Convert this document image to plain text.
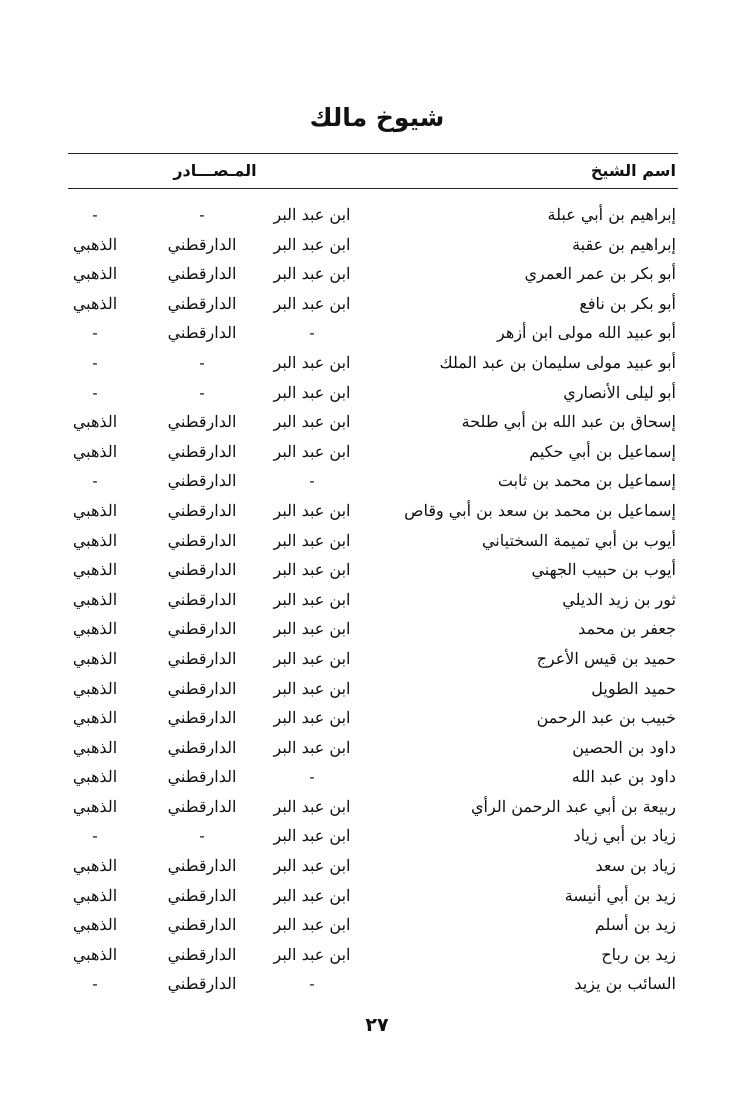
شيوخ مالك
اسم الشيخ
المـصـــادر
إبراهيم بن أبي عبلة
ابن عبد البر
-
-
إبراهيم بن عقبة
ابن عبد البر
الدارقطني
الذهبي
أبو بكر بن عمر العمري
ابن عبد البر
الدارقطني
الذهبي
أبو بكر بن نافع
ابن عبد البر
الدارقطني
الذهبي
أبو عبيد الله مولى ابن أزهر
-
الدارقطني
-
أبو عبيد مولى سليمان بن عبد الملك
ابن عبد البر
-
-
أبو ليلى الأنصاري
ابن عبد البر
-
-
إسحاق بن عبد الله بن أبي طلحة
ابن عبد البر
الدارقطني
الذهبي
إسماعيل بن أبي حكيم
ابن عبد البر
الدارقطني
الذهبي
إسماعيل بن محمد بن ثابت
-
الدارقطني
-
إسماعيل بن محمد بن سعد بن أبي وقاص
ابن عبد البر
الدارقطني
الذهبي
أيوب بن أبي تميمة السختياني
ابن عبد البر
الدارقطني
الذهبي
أيوب بن حبيب الجهني
ابن عبد البر
الدارقطني
الذهبي
ثور بن زيد الديلي
ابن عبد البر
الدارقطني
الذهبي
جعفر بن محمد
ابن عبد البر
الدارقطني
الذهبي
حميد بن قيس الأعرج
ابن عبد البر
الدارقطني
الذهبي
حميد الطويل
ابن عبد البر
الدارقطني
الذهبي
خبيب بن عبد الرحمن
ابن عبد البر
الدارقطني
الذهبي
داود بن الحصين
ابن عبد البر
الدارقطني
الذهبي
داود بن عبد الله
-
الدارقطني
الذهبي
ربيعة بن أبي عبد الرحمن الرأي
ابن عبد البر
الدارقطني
الذهبي
زياد بن أبي زياد
ابن عبد البر
-
-
زياد بن سعد
ابن عبد البر
الدارقطني
الذهبي
زيد بن أبي أنيسة
ابن عبد البر
الدارقطني
الذهبي
زيد بن أسلم
ابن عبد البر
الدارقطني
الذهبي
زيد بن رباح
ابن عبد البر
الدارقطني
الذهبي
السائب بن يزيد
-
الدارقطني
-
٢٧
